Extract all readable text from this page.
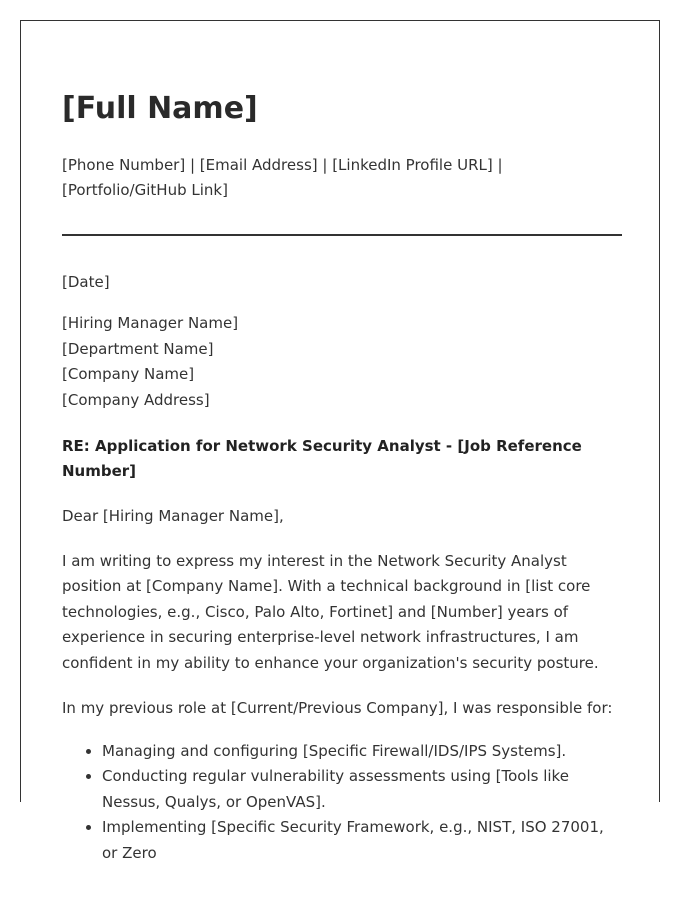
[Full Name]

[Phone Number] | [Email Address] | [LinkedIn Profile URL] | [Portfolio/GitHub Link]

[Date]

[Hiring Manager Name]
[Department Name]
[Company Name]
[Company Address]

RE: Application for Network Security Analyst - [Job Reference Number]

Dear [Hiring Manager Name],

I am writing to express my interest in the Network Security Analyst position at [Company Name]. With a technical background in [list core technologies, e.g., Cisco, Palo Alto, Fortinet] and [Number] years of experience in securing enterprise-level network infrastructures, I am confident in my ability to enhance your organization's security posture.

In my previous role at [Current/Previous Company], I was responsible for:

• Managing and configuring [Specific Firewall/IDS/IPS Systems].
• Conducting regular vulnerability assessments using [Tools like Nessus, Qualys, or OpenVAS].
• Implementing [Specific Security Framework, e.g., NIST, ISO 27001, or Zero
